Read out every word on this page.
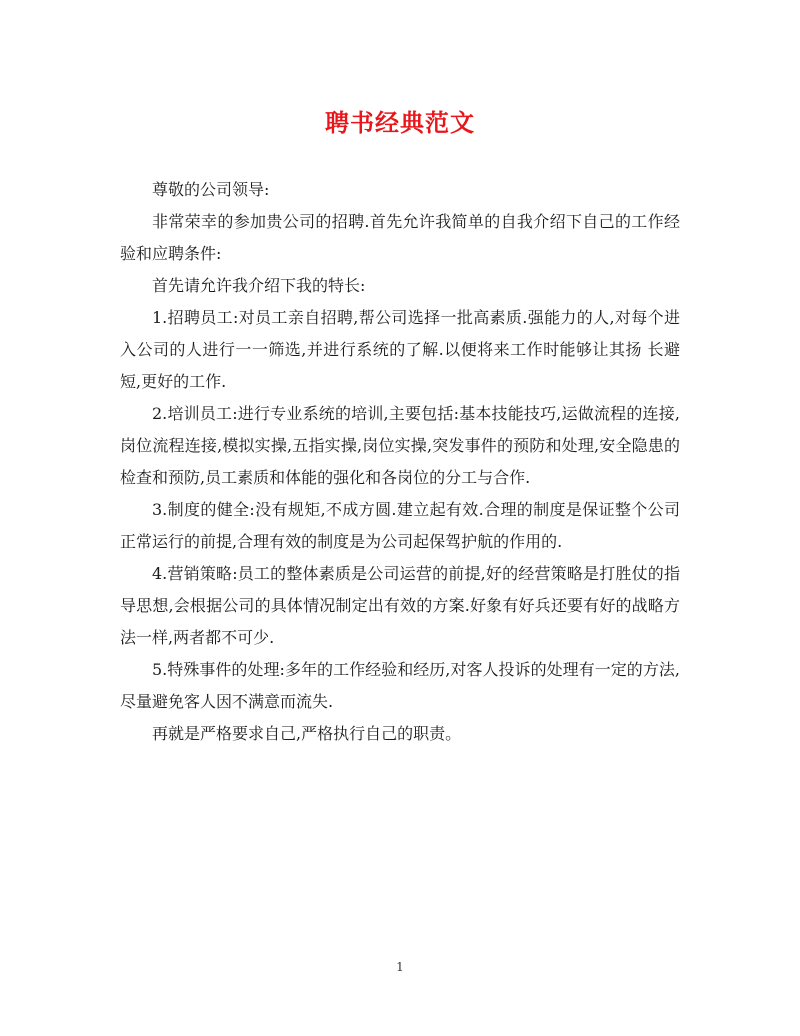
聘书经典范文

尊敬的公司领导:

非常荣幸的参加贵公司的招聘.首先允许我简单的自我介绍下自己的工作经验和应聘条件:

首先请允许我介绍下我的特长:

1.招聘员工:对员工亲自招聘,帮公司选择一批高素质.强能力的人,对每个进入公司的人进行一一筛选,并进行系统的了解.以便将来工作时能够让其扬 长避短,更好的工作.

2.培训员工:进行专业系统的培训,主要包括:基本技能技巧,运做流程的连接,岗位流程连接,模拟实操,五指实操,岗位实操,突发事件的预防和处理,安全隐患的检查和预防,员工素质和体能的强化和各岗位的分工与合作.

3.制度的健全:没有规矩,不成方圆.建立起有效.合理的制度是保证整个公司正常运行的前提,合理有效的制度是为公司起保驾护航的作用的.

4.营销策略:员工的整体素质是公司运营的前提,好的经营策略是打胜仗的指导思想,会根据公司的具体情况制定出有效的方案.好象有好兵还要有好的战略方法一样,两者都不可少.

5.特殊事件的处理:多年的工作经验和经历,对客人投诉的处理有一定的方法,尽量避免客人因不满意而流失.

再就是严格要求自己,严格执行自己的职责。

1
